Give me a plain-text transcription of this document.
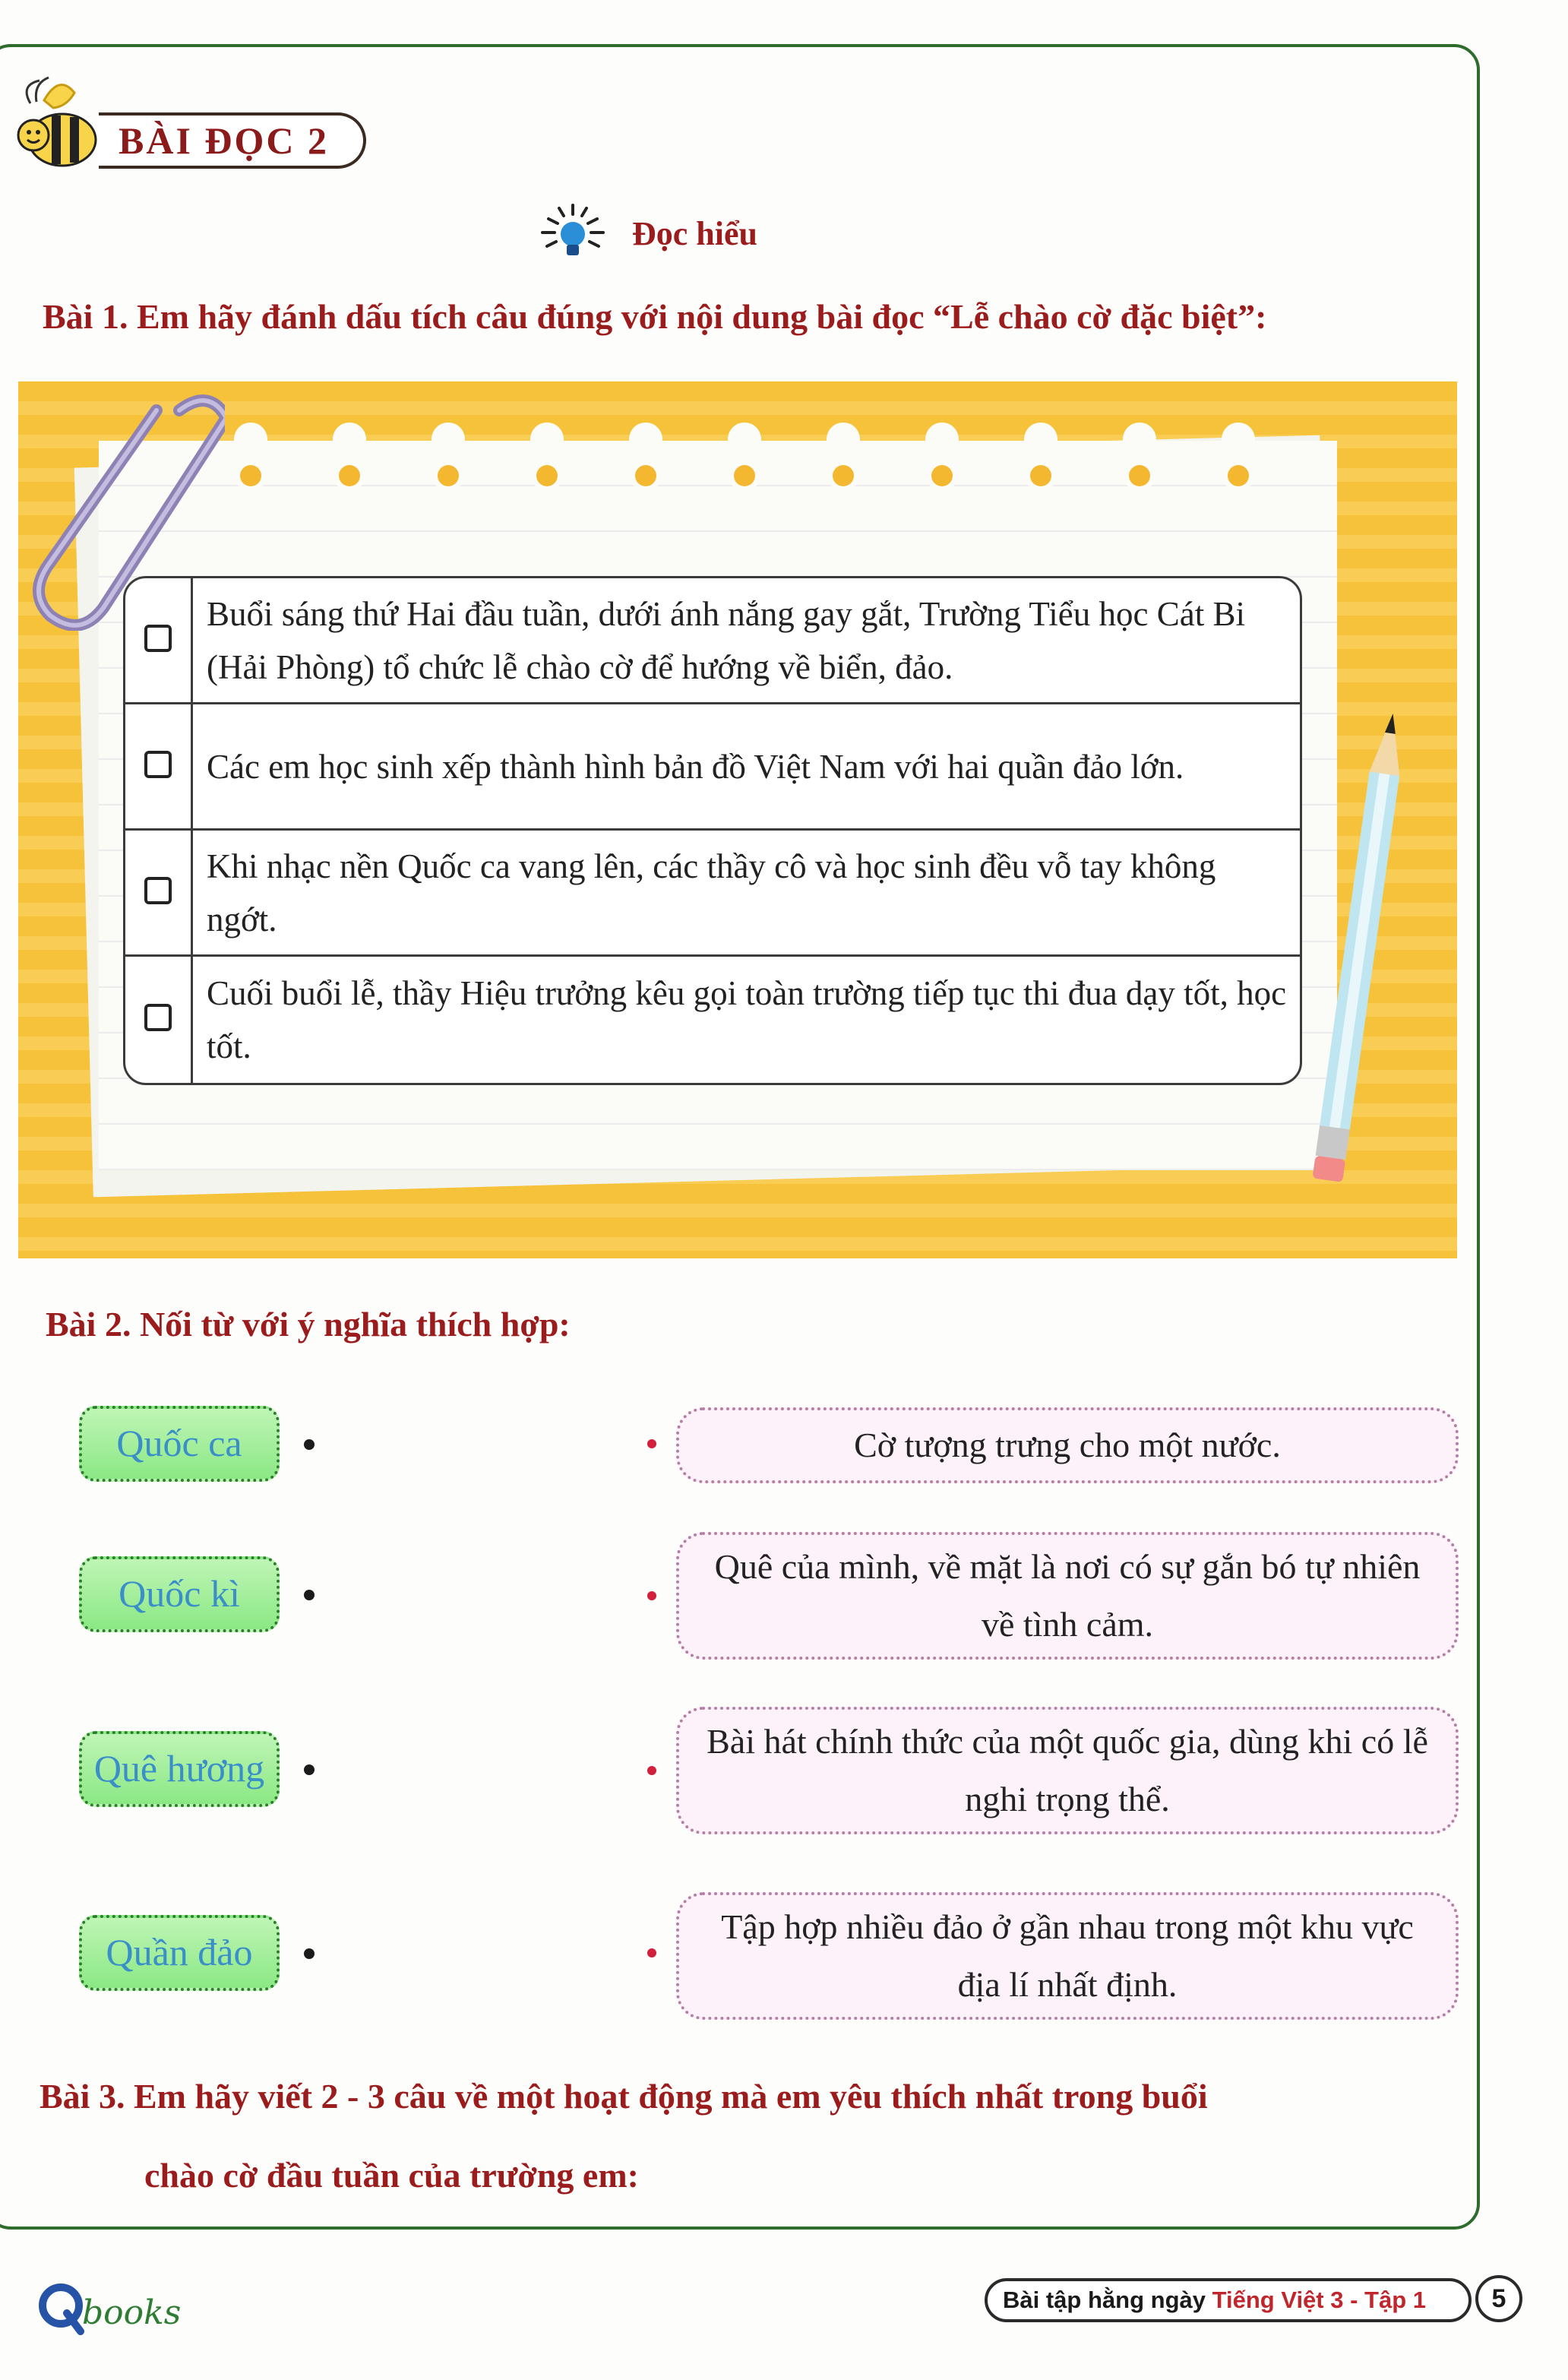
BÀI ĐỌC 2
Đọc hiểu
Bài 1. Em hãy đánh dấu tích câu đúng với nội dung bài đọc “Lễ chào cờ đặc biệt”:
	Buổi sáng thứ Hai đầu tuần, dưới ánh nắng gay gắt, Trường Tiểu học Cát Bi (Hải Phòng) tổ chức lễ chào cờ để hướng về biển, đảo.
	Các em học sinh xếp thành hình bản đồ Việt Nam với hai quần đảo lớn.
	Khi nhạc nền Quốc ca vang lên, các thầy cô và học sinh đều vỗ tay không ngớt.
	Cuối buổi lễ, thầy Hiệu trưởng kêu gọi toàn trường tiếp tục thi đua dạy tốt, học tốt.
Bài 2. Nối từ với ý nghĩa thích hợp:
Quốc ca
Quốc kì
Quê hương
Quần đảo
Cờ tượng trưng cho một nước.
Quê của mình, về mặt là nơi có sự gắn bó tự nhiên về tình cảm.
Bài hát chính thức của một quốc gia, dùng khi có lễ nghi trọng thể.
Tập hợp nhiều đảo ở gần nhau trong một khu vực địa lí nhất định.
Bài 3. Em hãy viết 2 - 3 câu về một hoạt động mà em yêu thích nhất trong buổi
chào cờ đầu tuần của trường em:
books	Bài tập hằng ngày Tiếng Việt 3 - Tập 1	5
